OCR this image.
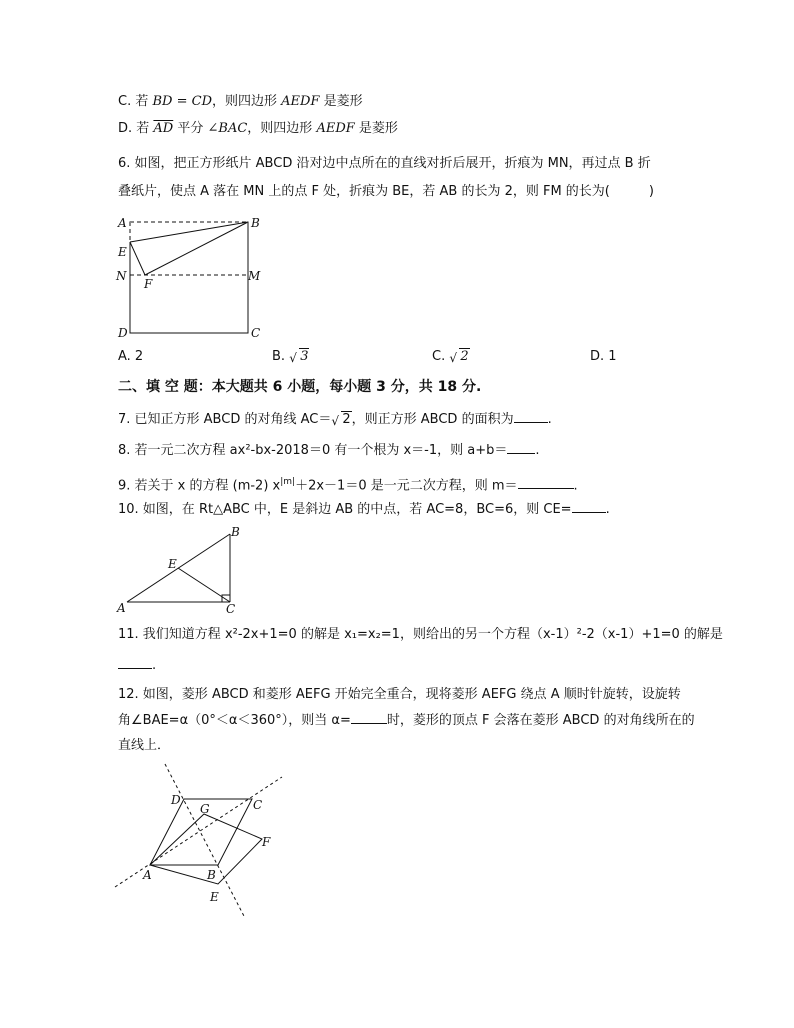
C. 若 BD = CD，则四边形 AEDF 是菱形
D. 若 $\overline{AD}$ 平分 ∠BAC，则四边形 AEDF 是菱形
6. 如图，把正方形纸片 ABCD 沿对边中点所在的直线对折后展开，折痕为 MN，再过点 B 折
叠纸片，使点 A 落在 MN 上的点 F 处，折痕为 BE，若 AB 的长为 2，则 FM 的长为(　　　)
A	B
E
N	M
F
D	C
A. 2	B. √ 3	C. √ 2	D. 1
二、填 空 题：本大题共 6 小题，每小题 3 分，共 18 分.
7. 已知正方形 ABCD 的对角线 AC＝ √ 2，则正方形 ABCD 的面积为	.
8. 若一元二次方程 ax²-bx-2018＝0 有一个根为 x＝-1，则 a+b＝ .
9. 若关于 x 的方程 (m-2) $x^{|m|}+2x-1=0$ 是一元二次方程，则 m＝	.
10. 如图，在 Rt△ABC 中，E 是斜边 AB 的中点，若 AC=8，BC=6，则 CE=	.
A
B
C
E
11. 我们知道方程 x²-2x+1=0 的解是 x₁=x₂=1，则给出的另一个方程（x-1）²-2（x-1）+1=0 的解是
.
12. 如图，菱形 ABCD 和菱形 AEFG 开始完全重合，现将菱形 AEFG 绕点 A 顺时针旋转，设旋转
角∠BAE=α（0°＜α＜360°），则当 α=	时，菱形的顶点 F 会落在菱形 ABCD 的对角线所在的
直线上．
A	B
C
D
E
F
G
